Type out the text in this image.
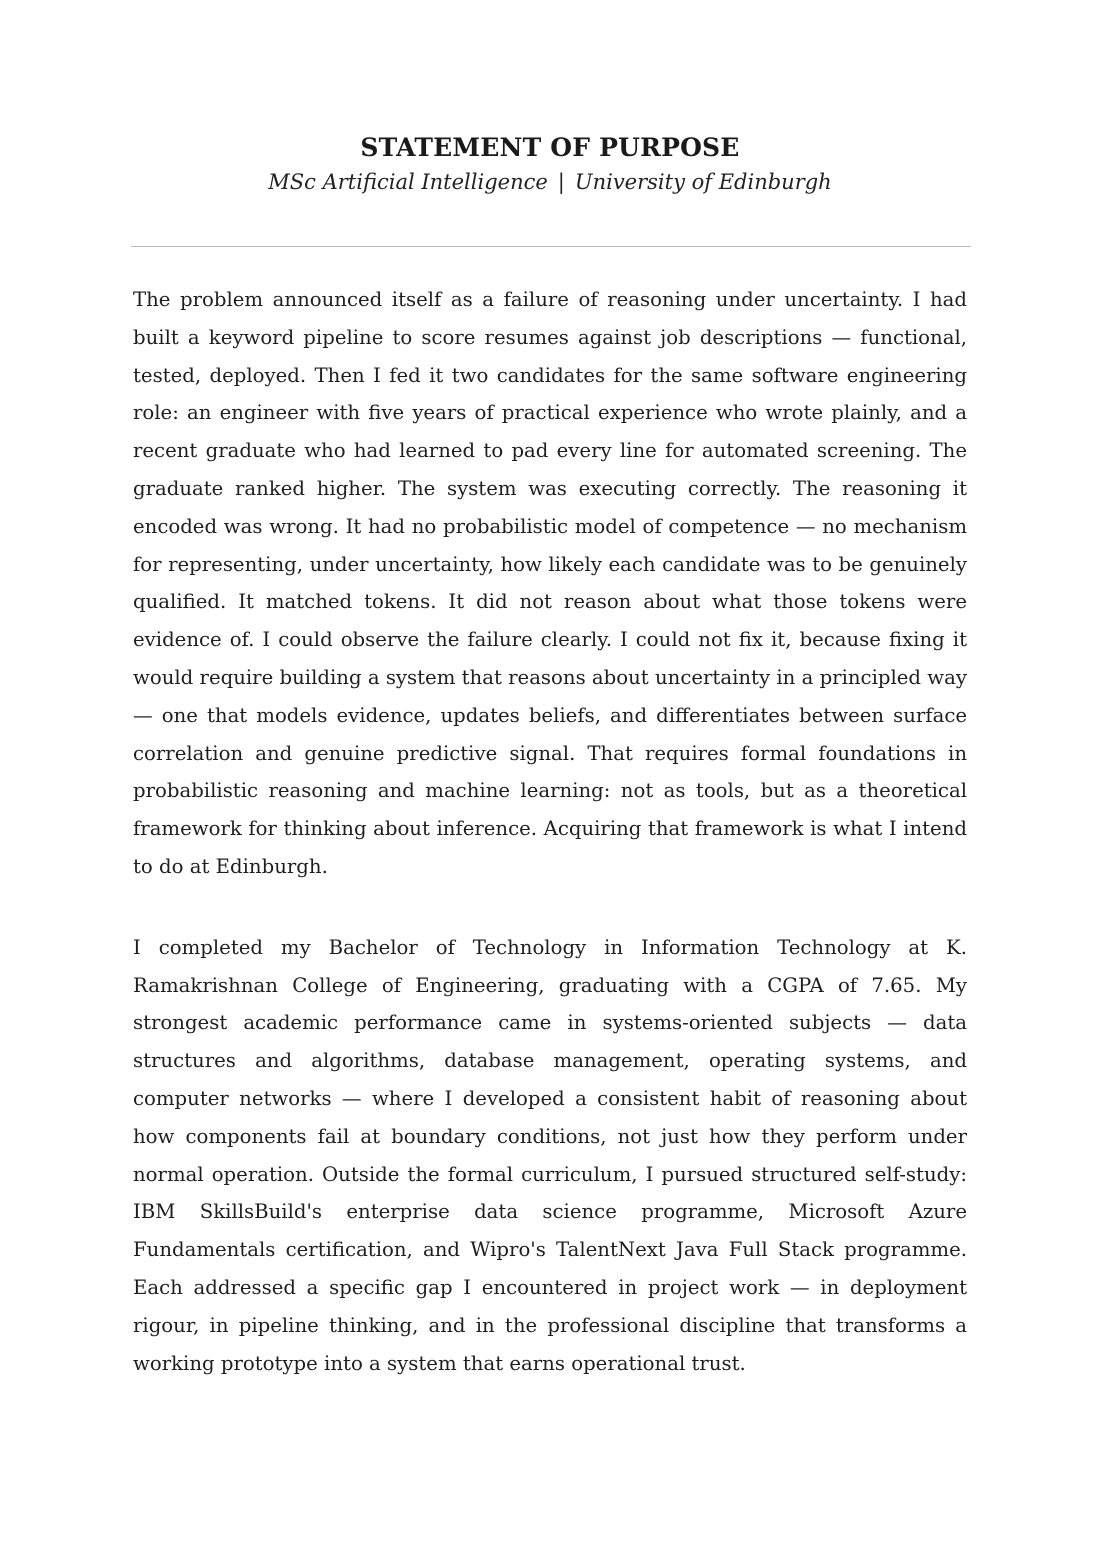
STATEMENT OF PURPOSE
MSc Artificial Intelligence | University of Edinburgh

The problem announced itself as a failure of reasoning under uncertainty. I had built a keyword pipeline to score resumes against job descriptions — functional, tested, deployed. Then I fed it two candidates for the same software engineering role: an engineer with five years of practical experience who wrote plainly, and a recent graduate who had learned to pad every line for automated screening. The graduate ranked higher. The system was executing correctly. The reasoning it encoded was wrong. It had no probabilistic model of competence — no mechanism for representing, under uncertainty, how likely each candidate was to be genuinely qualified. It matched tokens. It did not reason about what those tokens were evidence of. I could observe the failure clearly. I could not fix it, because fixing it would require building a system that reasons about uncertainty in a principled way — one that models evidence, updates beliefs, and differentiates between surface correlation and genuine predictive signal. That requires formal foundations in probabilistic reasoning and machine learning: not as tools, but as a theoretical framework for thinking about inference. Acquiring that framework is what I intend to do at Edinburgh.

I completed my Bachelor of Technology in Information Technology at K. Ramakrishnan College of Engineering, graduating with a CGPA of 7.65. My strongest academic performance came in systems-oriented subjects — data structures and algorithms, database management, operating systems, and computer networks — where I developed a consistent habit of reasoning about how components fail at boundary conditions, not just how they perform under normal operation. Outside the formal curriculum, I pursued structured self-study: IBM SkillsBuild's enterprise data science programme, Microsoft Azure Fundamentals certification, and Wipro's TalentNext Java Full Stack programme. Each addressed a specific gap I encountered in project work — in deployment rigour, in pipeline thinking, and in the professional discipline that transforms a working prototype into a system that earns operational trust.
